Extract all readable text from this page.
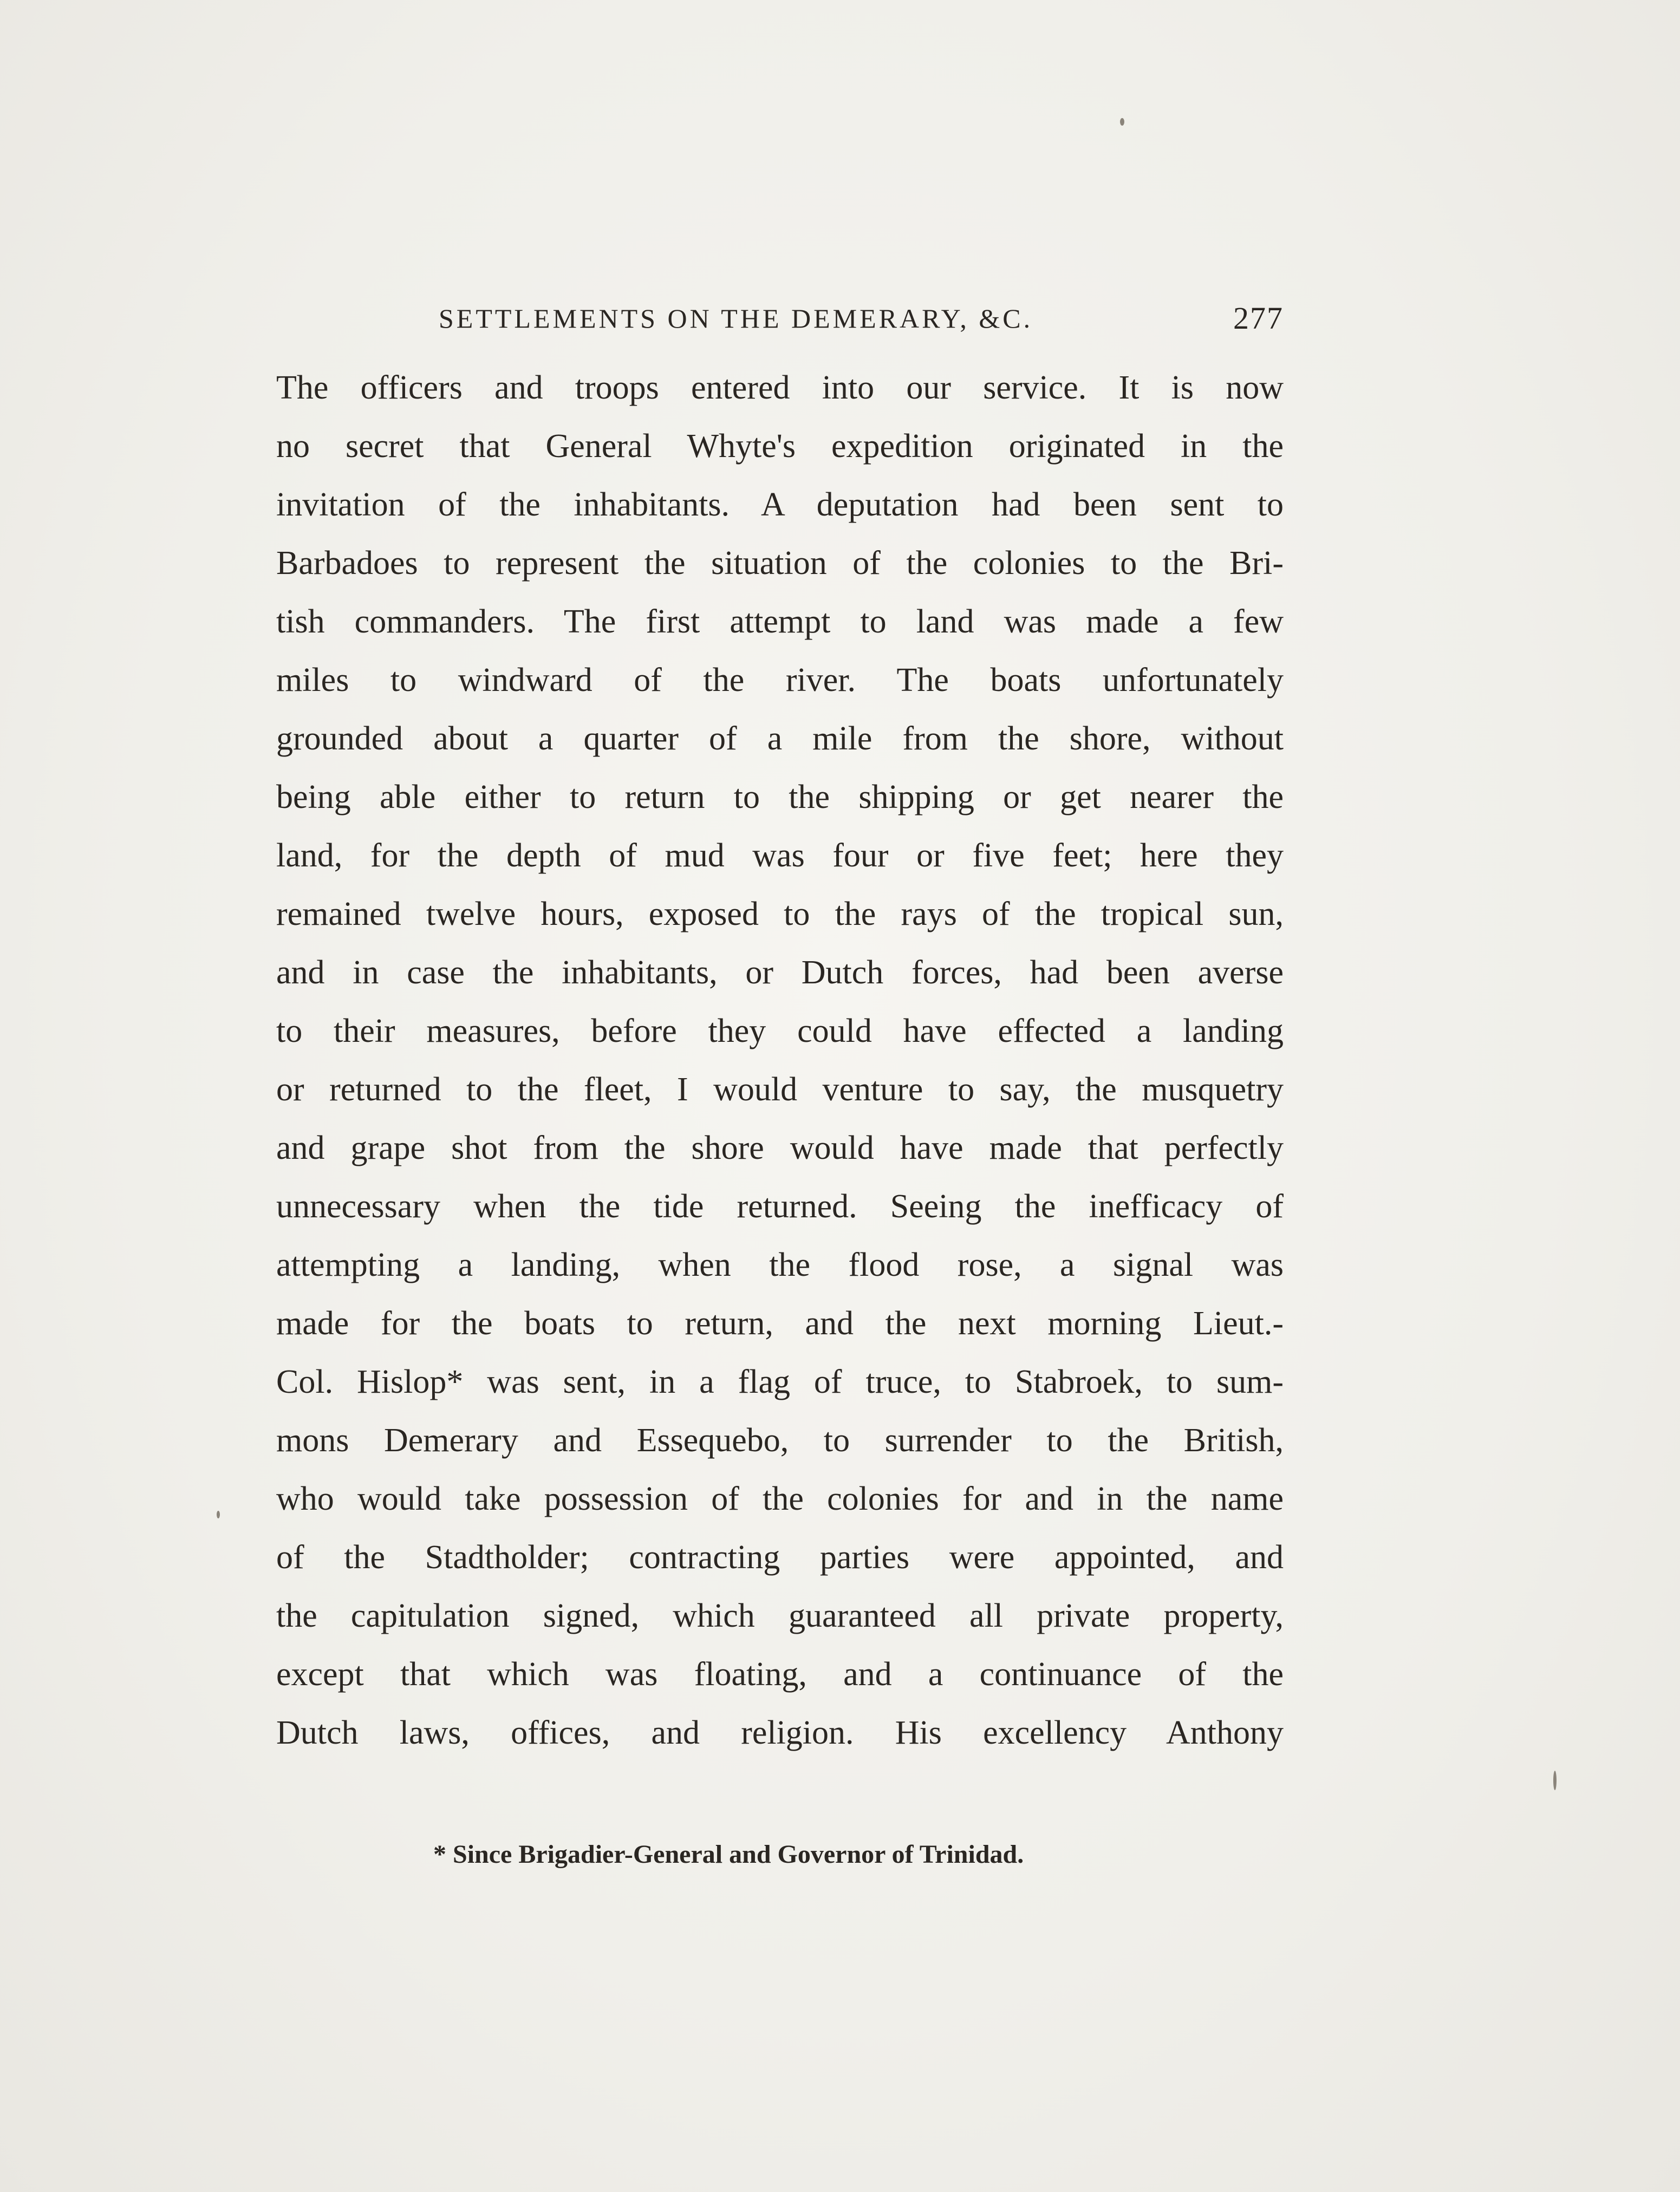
SETTLEMENTS ON THE DEMERARY, &C.	277
The officers and troops entered into our service. It is now
no secret that General Whyte's expedition originated in the
invitation of the inhabitants. A deputation had been sent to
Barbadoes to represent the situation of the colonies to the Bri-
tish commanders. The first attempt to land was made a few
miles to windward of the river. The boats unfortunately
grounded about a quarter of a mile from the shore, without
being able either to return to the shipping or get nearer the
land, for the depth of mud was four or five feet; here they
remained twelve hours, exposed to the rays of the tropical sun,
and in case the inhabitants, or Dutch forces, had been averse
to their measures, before they could have effected a landing
or returned to the fleet, I would venture to say, the musquetry
and grape shot from the shore would have made that perfectly
unnecessary when the tide returned. Seeing the inefficacy of
attempting a landing, when the flood rose, a signal was
made for the boats to return, and the next morning Lieut.-
Col. Hislop* was sent, in a flag of truce, to Stabroek, to sum-
mons Demerary and Essequebo, to surrender to the British,
who would take possession of the colonies for and in the name
of the Stadtholder; contracting parties were appointed, and
the capitulation signed, which guaranteed all private property,
except that which was floating, and a continuance of the
Dutch laws, offices, and religion. His excellency Anthony
* Since Brigadier-General and Governor of Trinidad.
